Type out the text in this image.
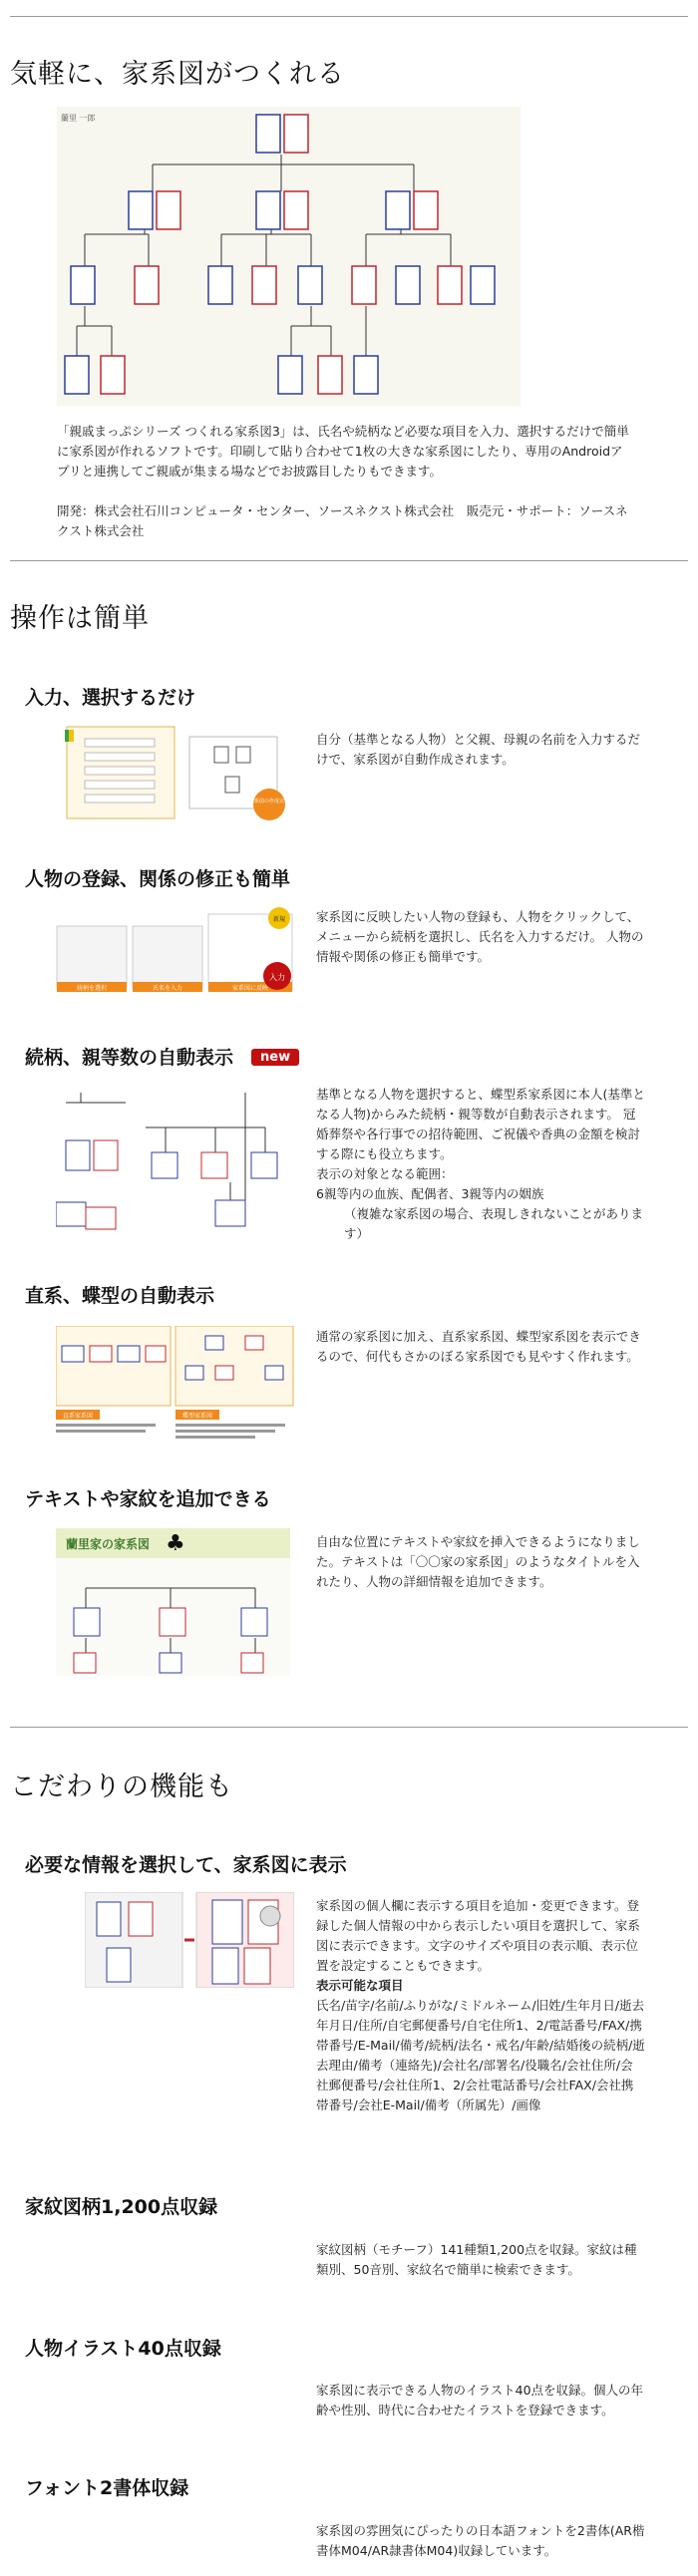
気軽に、家系図がつくれる
蘭里 一郎
「親戚まっぷシリーズ つくれる家系図3」は、氏名や続柄など必要な項目を入力、選択するだけで簡単に家系図が作れるソフトです。印刷して貼り合わせて1枚の大きな家系図にしたり、専用のAndroidアプリと連携してご親戚が集まる場などでお披露目したりもできます。
開発：株式会社石川コンピュータ・センター、ソースネクスト株式会社　販売元・サポート：ソースネクスト株式会社
操作は簡単
入力、選択するだけ
家系図の作成完了
自分（基準となる人物）と父親、母親の名前を入力するだけで、家系図が自動作成されます。
人物の登録、関係の修正も簡単
続柄を選択	氏名を入力	家系図に反映
新規
入力
家系図に反映したい人物の登録も、人物をクリックして、メニューから続柄を選択し、氏名を入力するだけ。 人物の情報や関係の修正も簡単です。
続柄、親等数の自動表示 new
基準となる人物を選択すると、蝶型系家系図に本人(基準となる人物)からみた続柄・親等数が自動表示されます。 冠婚葬祭や各行事での招待範囲、ご祝儀や香典の金額を検討する際にも役立ちます。
表示の対象となる範囲：
6親等内の血族、配偶者、3親等内の姻族
（複雑な家系図の場合、表現しきれないことがあります）
直系、蝶型の自動表示
直系家系図	蝶型家系図
通常の家系図に加え、直系家系図、蝶型家系図を表示できるので、何代もさかのぼる家系図でも見やすく作れます。
テキストや家紋を追加できる
蘭里家の家系図 ♣	自由な位置にテキストや家紋を挿入できるようになりました。テキストは「〇〇家の家系図」のようなタイトルを入れたり、人物の詳細情報を追加できます。
こだわりの機能も
必要な情報を選択して、家系図に表示
家系図の個人欄に表示する項目を追加・変更できます。登録した個人情報の中から表示したい項目を選択して、家系図に表示できます。文字のサイズや項目の表示順、表示位置を設定することもできます。
表示可能な項目
氏名/苗字/名前/ふりがな/ミドルネーム/旧姓/生年月日/逝去年月日/住所/自宅郵便番号/自宅住所1、2/電話番号/FAX/携帯番号/E-Mail/備考/続柄/法名・戒名/年齢/結婚後の続柄/逝去理由/備考（連絡先)/会社名/部署名/役職名/会社住所/会社郵便番号/会社住所1、2/会社電話番号/会社FAX/会社携帯番号/会社E-Mail/備考（所属先）/画像
家紋図柄1,200点収録
家紋図柄（モチーフ）141種類1,200点を収録。家紋は種類別、50音別、家紋名で簡単に検索できます。
人物イラスト40点収録
家系図に表示できる人物のイラスト40点を収録。個人の年齢や性別、時代に合わせたイラストを登録できます。
フォント2書体収録
家系図の雰囲気にぴったりの日本語フォントを2書体(AR楷書体M04/AR隷書体M04)収録しています。
